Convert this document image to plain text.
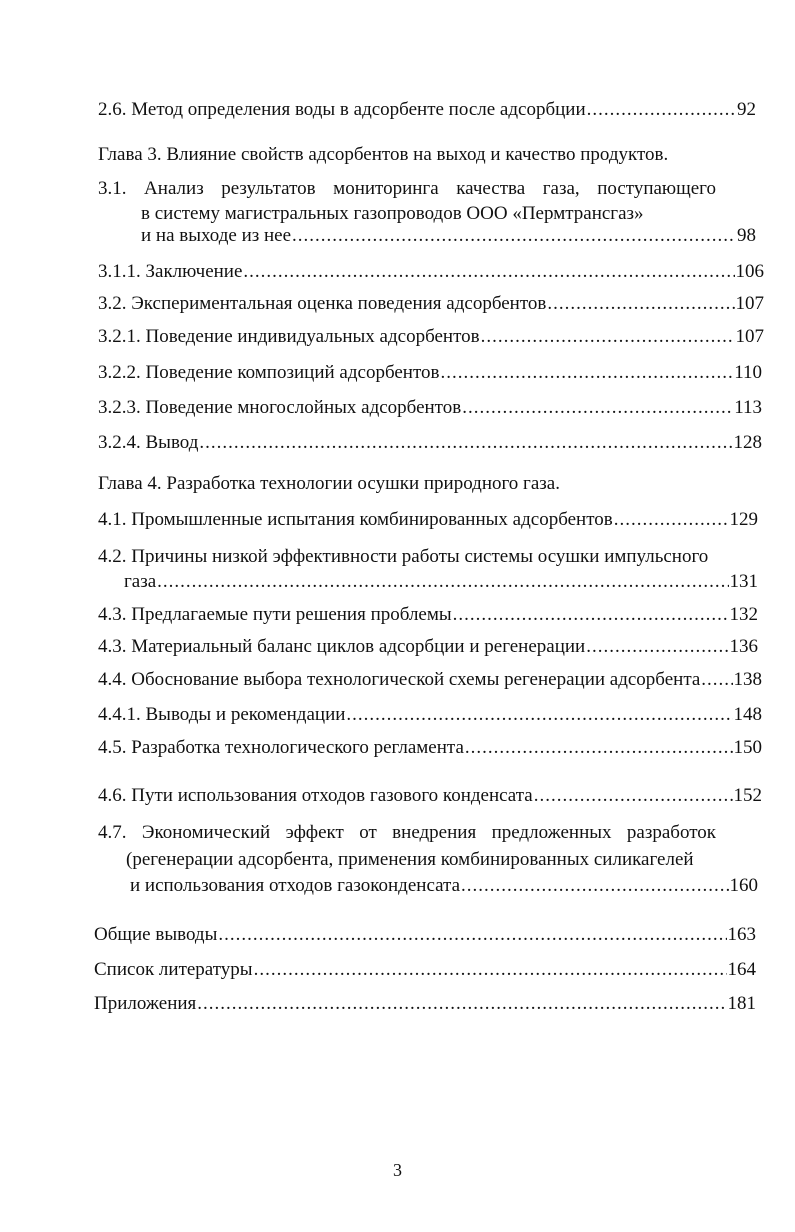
2.6. Метод определения воды в адсорбенте после адсорбции .....	92
Глава 3. Влияние свойств адсорбентов на выход и качество продуктов.
3.1. Анализ результатов мониторинга качества газа, поступающего
в систему магистральных газопроводов ООО «Пермтрансгаз»
и на выходе из нее .....	98
3.1.1. Заключение .....	106
3.2. Экспериментальная оценка поведения адсорбентов .....	107
3.2.1. Поведение индивидуальных адсорбентов .....	107
3.2.2. Поведение композиций адсорбентов .....	110
3.2.3. Поведение многослойных адсорбентов .....	113
3.2.4. Вывод .....	128
Глава 4. Разработка технологии осушки природного газа.
4.1. Промышленные испытания комбинированных адсорбентов .....	129
4.2. Причины низкой эффективности работы системы осушки импульсного
газа .....	131
4.3. Предлагаемые пути решения проблемы .....	132
4.3. Материальный баланс циклов адсорбции и регенерации .....	136
4.4. Обоснование выбора технологической схемы регенерации адсорбента ..... 138
4.4.1. Выводы и рекомендации .....	148
4.5. Разработка технологического регламента .....	150
4.6. Пути использования отходов газового конденсата .....	152
4.7. Экономический эффект от внедрения предложенных разработок
(регенерации адсорбента, применения комбинированных силикагелей
и использования отходов газоконденсата .....	160
Общие выводы .....	163
Список литературы .....	164
Приложения .....	181
3
